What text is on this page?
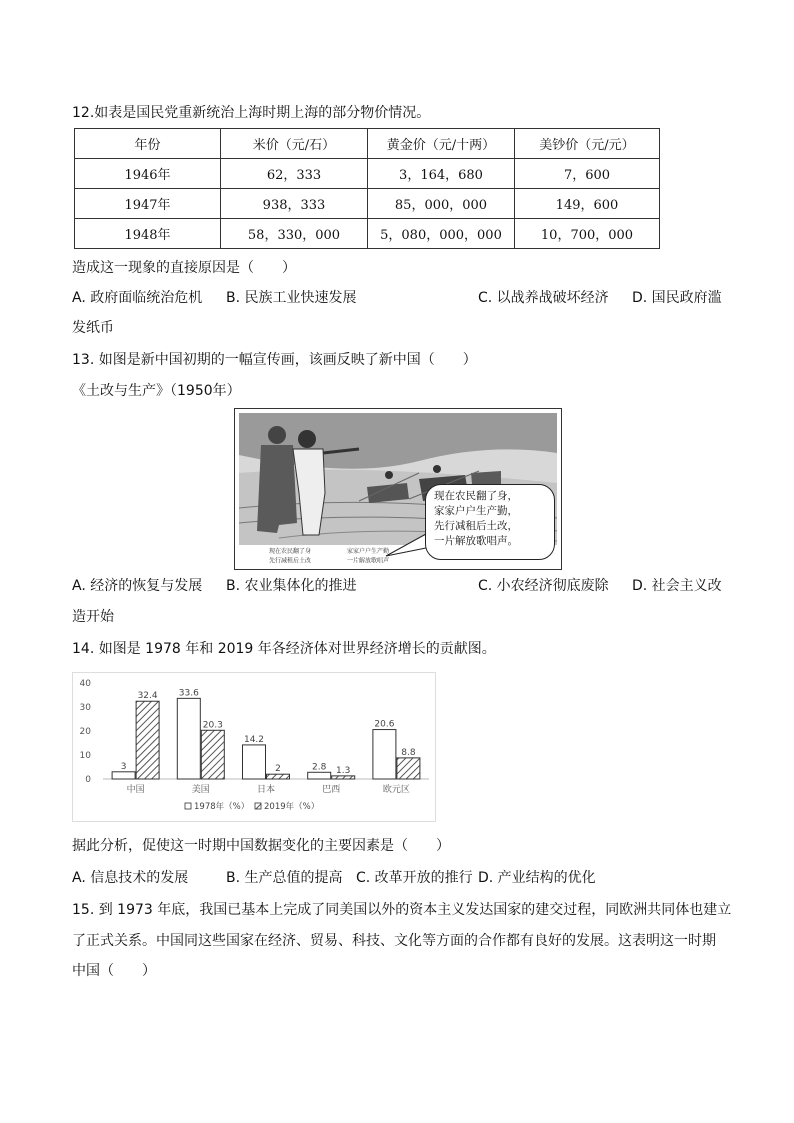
12.如表是国民党重新统治上海时期上海的部分物价情况。
年份	米价（元/石）	黄金价（元/十两）	美钞价（元/元）
1946年	62，333	3，164，680	7，600
1947年	938，333	85，000，000	149，600
1948年	58，330，000	5，080，000，000	10，700，000
造成这一现象的直接原因是（　　）
A. 政府面临统治危机 B. 民族工业快速发展	C. 以战养战破坏经济 D. 国民政府滥
发纸币
13. 如图是新中国初期的一幅宣传画，该画反映了新中国（　　）
《土改与生产》（1950年）
现在农民翻了身
先行减租后土改
家家户户生产勤
一片解放歌唱声
现在农民翻了身，
家家户户生产勤，
先行减租后土改，
一片解放歌唱声。
A. 经济的恢复与发展 B. 农业集体化的推进	C. 小农经济彻底废除 D. 社会主义改
造开始
14. 如图是 1978 年和 2019 年各经济体对世界经济增长的贡献图。
0
10
20
30
40
3
32.4
中国
33.6
20.3
美国
14.2
2
日本
2.8 1.3
巴西
20.6
8.8
欧元区
1978年（%） 2019年（%）
据此分析，促使这一时期中国数据变化的主要因素是（　　）
A. 信息技术的发展	B. 生产总值的提高 C. 改革开放的推行 D. 产业结构的优化
15. 到 1973 年底，我国已基本上完成了同美国以外的资本主义发达国家的建交过程，同欧洲共同体也建立
了正式关系。中国同这些国家在经济、贸易、科技、文化等方面的合作都有良好的发展。这表明这一时期
中国（　　）
